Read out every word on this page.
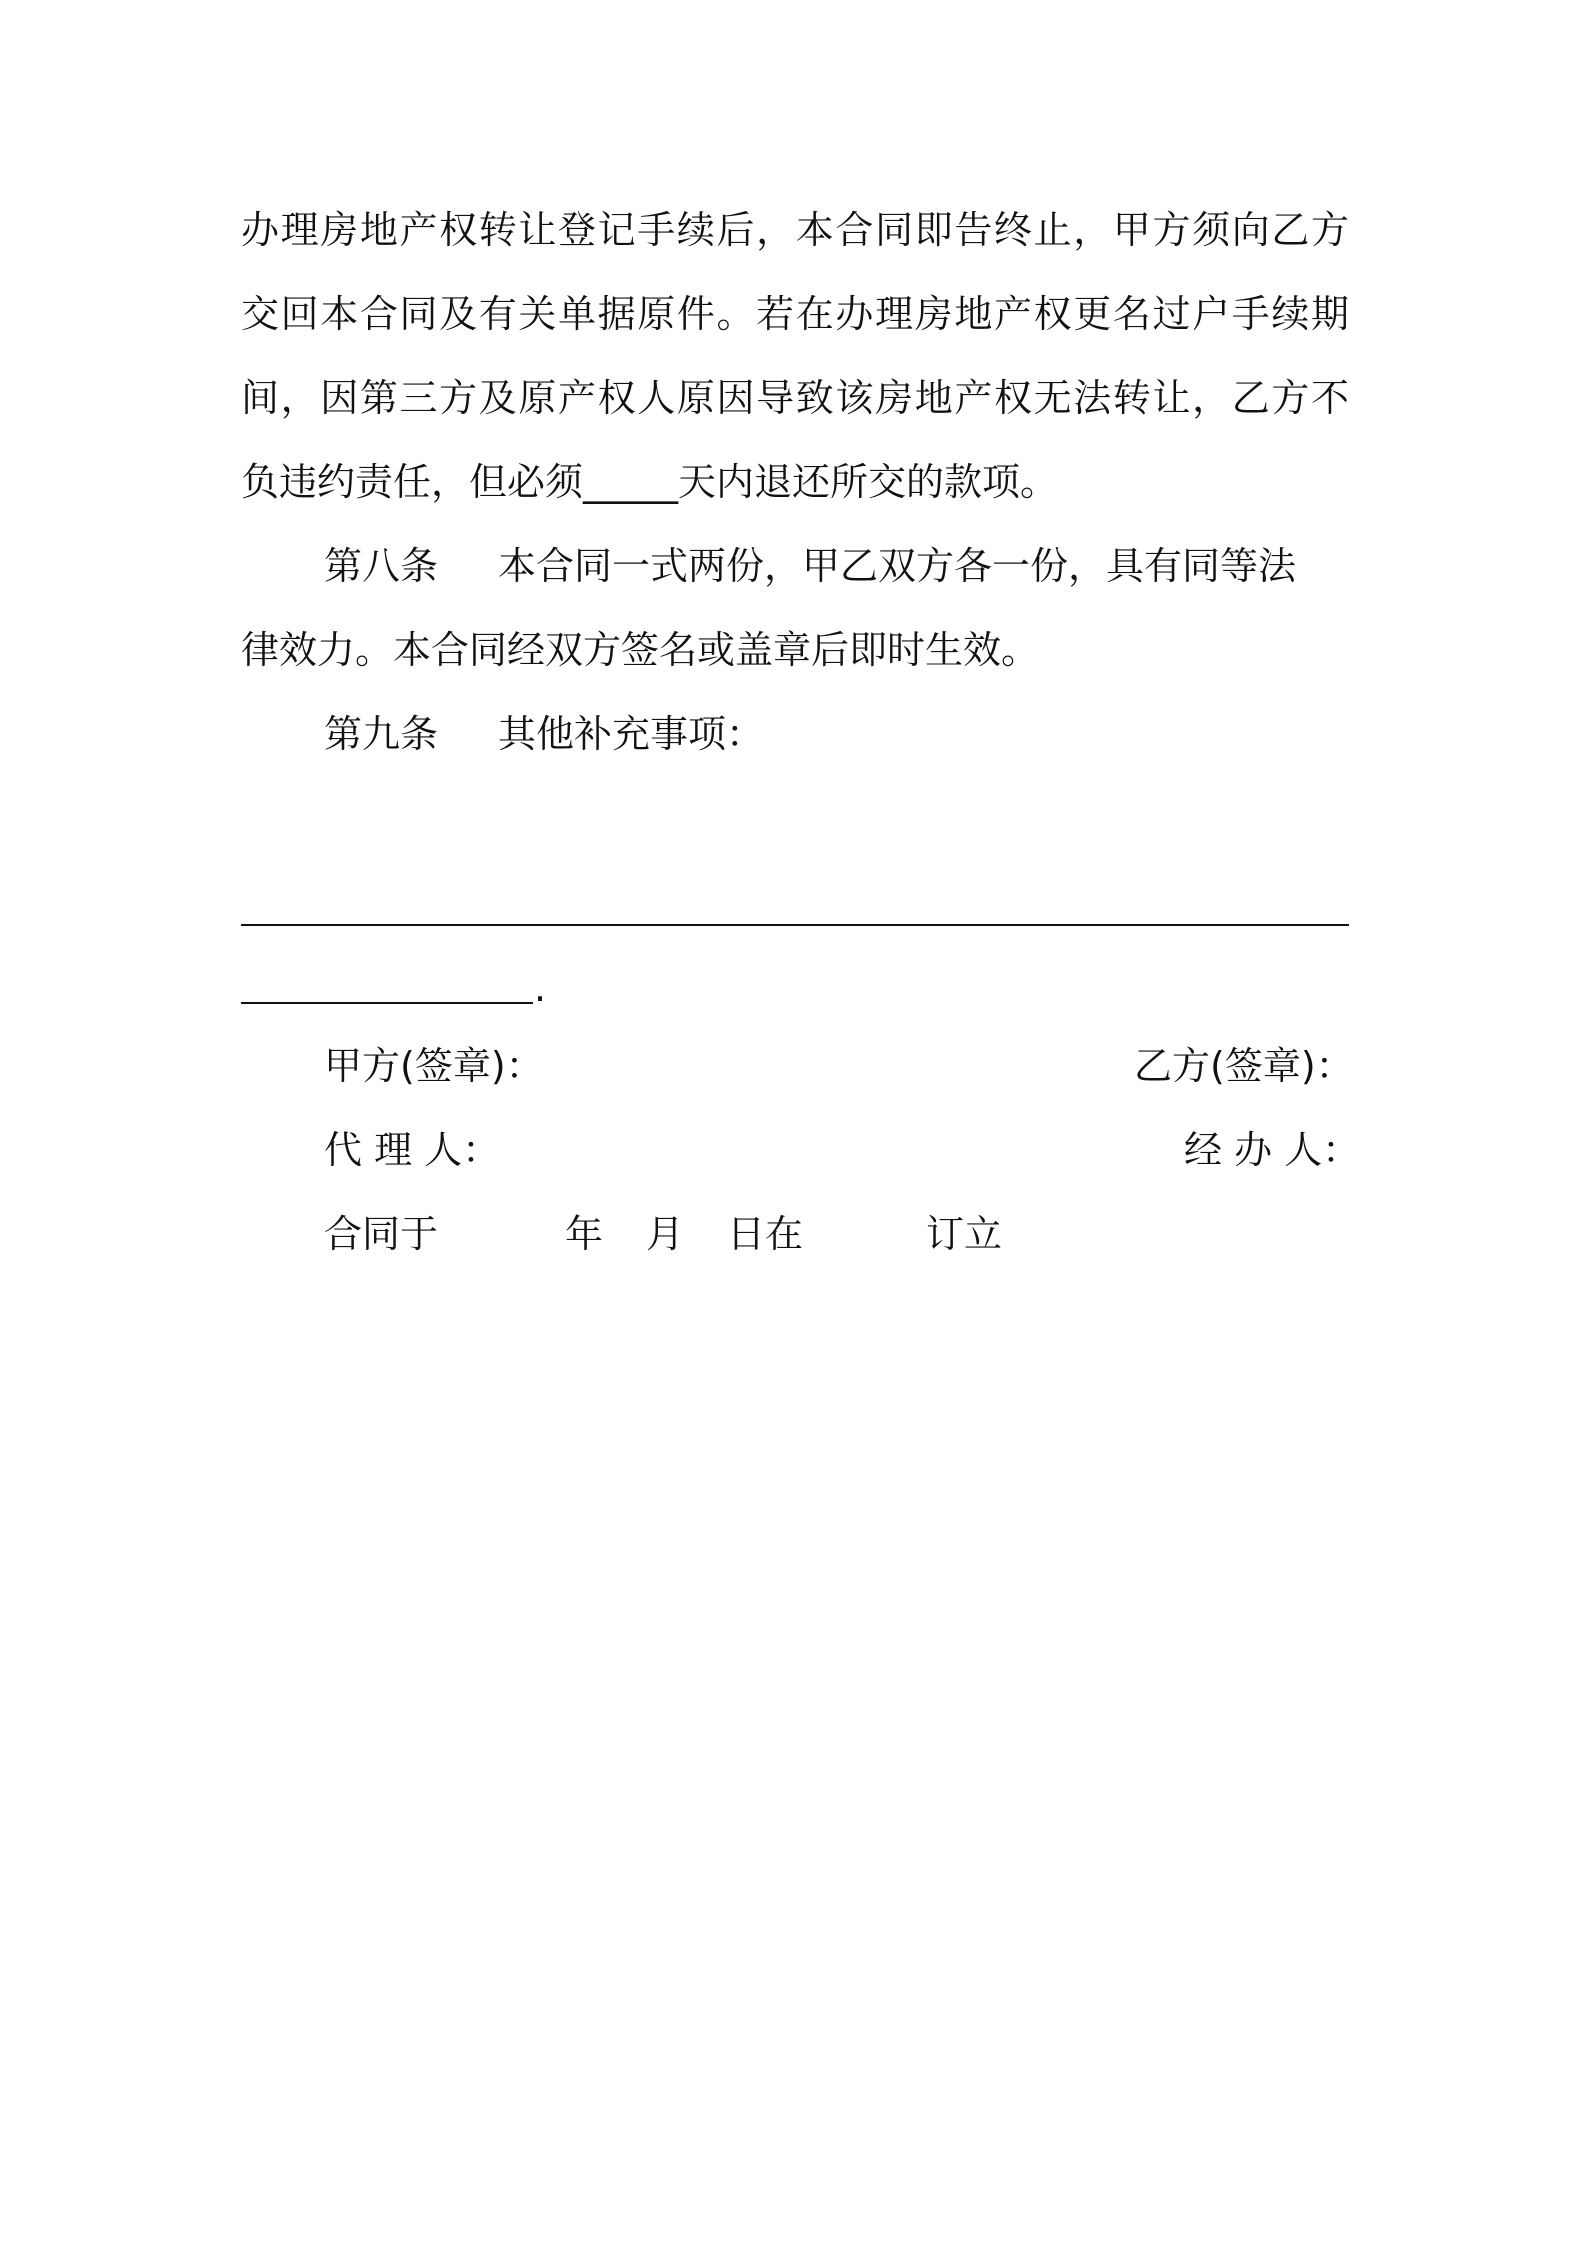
办理房地产权转让登记手续后，本合同即告终止，甲方须向乙方
交回本合同及有关单据原件。若在办理房地产权更名过户手续期
间，因第三方及原产权人原因导致该房地产权无法转让，乙方不
负违约责任，但必须_____天内退还所交的款项。
第八条 本合同一式两份，甲乙双方各一份，具有同等法
律效力。本合同经双方签名或盖章后即时生效。
第九条 其他补充事项：
.
甲方(签章)：	乙方(签章)：
代 理 人：	经 办 人：
合同于	年 月 日在	订立
